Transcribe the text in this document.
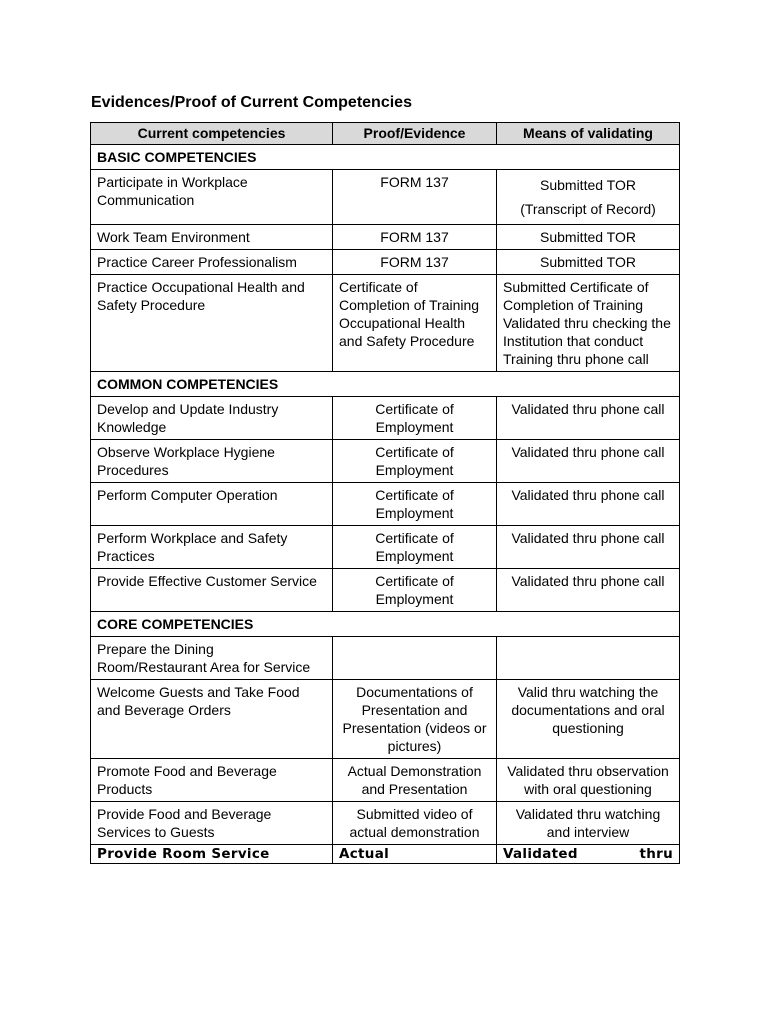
Evidences/Proof of Current Competencies
Current competencies	Proof/Evidence	Means of validating
BASIC COMPETENCIES		
Participate in Workplace Communication	FORM 137	Submitted TOR
(Transcript of Record)

Work Team Environment	FORM 137	Submitted TOR
Practice Career Professionalism	FORM 137	Submitted TOR
Practice Occupational Health and Safety Procedure	Certificate of Completion of Training Occupational Health and Safety Procedure	Submitted Certificate of Completion of Training Validated thru checking the Institution that conduct Training thru phone call
COMMON COMPETENCIES		
Develop and Update Industry Knowledge	Certificate of Employment	Validated thru phone call
Observe Workplace Hygiene Procedures	Certificate of Employment	Validated thru phone call
Perform Computer Operation	Certificate of Employment	Validated thru phone call
Perform Workplace and Safety Practices	Certificate of Employment	Validated thru phone call
Provide Effective Customer Service	Certificate of Employment	Validated thru phone call
CORE COMPETENCIES		
Prepare the Dining Room/Restaurant Area for Service		
Welcome Guests and Take Food and Beverage Orders	Documentations of Presentation and Presentation (videos or pictures)	Valid thru watching the documentations and oral questioning
Promote Food and Beverage Products	Actual Demonstration and Presentation	Validated thru observation with oral questioning
Provide Food and Beverage Services to Guests	Submitted video of actual demonstration	Validated thru watching and interview
Provide Room Service	Actual	Validated thru
